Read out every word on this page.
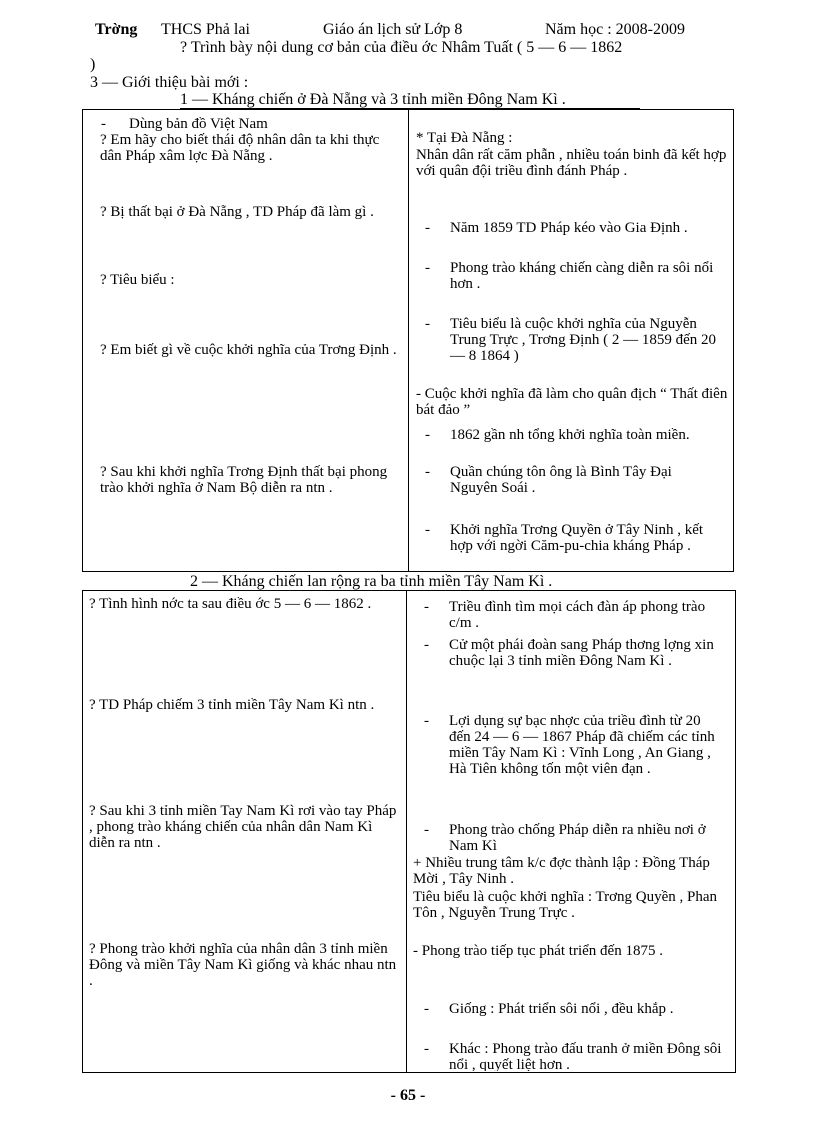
Trờng THCS Phả lai	Giáo án lịch sử Lớp 8	Năm học : 2008-2009
? Trình bày nội dung cơ bản của điều ớc Nhâm Tuất ( 5 — 6 — 1862
)
3 — Giới thiệu bài mới :
1 — Kháng chiến ở Đà Nẵng và 3 tỉnh miền Đông Nam Kì .
- Dùng bản đồ Việt Nam
? Em hãy cho biết thái độ nhân dân ta khi thực dân Pháp xâm lợc Đà Nẵng .
? Bị thất bại ở Đà Nẵng , TD Pháp đã làm gì .
? Tiêu biểu :
? Em biết gì về cuộc khởi nghĩa của Trơng Định .
? Sau khi khởi nghĩa Trơng Định thất bại phong trào khởi nghĩa ở Nam Bộ diễn ra ntn .
* Tại Đà Nẵng :
Nhân dân rất căm phẫn , nhiều toán binh đã kết hợp với quân đội triều đình đánh Pháp .
- Năm 1859 TD Pháp kéo vào Gia Định .
- Phong trào kháng chiến càng diễn ra sôi nổi hơn .
- Tiêu biểu là cuộc khởi nghĩa của Nguyễn Trung Trực , Trơng Định ( 2 — 1859 đến 20 — 8 1864 )
- Cuộc khởi nghĩa đã làm cho quân địch “ Thất điên bát đảo ”
- 1862 gần nh tổng khởi nghĩa toàn miền.
- Quần chúng tôn ông là Bình Tây Đại Nguyên Soái .
- Khởi nghĩa Trơng Quyền ở Tây Ninh , kết hợp với ngời Căm-pu-chia kháng Pháp .
2 — Kháng chiến lan rộng ra ba tỉnh miền Tây Nam Kì .
? Tình hình nớc ta sau điều ớc 5 — 6 — 1862 .
? TD Pháp chiếm 3 tỉnh miền Tây Nam Kì ntn .
? Sau khi 3 tỉnh miền Tay Nam Kì rơi vào tay Pháp , phong trào kháng chiến của nhân dân Nam Kì diễn ra ntn .
? Phong trào khởi nghĩa của nhân dân 3 tỉnh miền Đông và miền Tây Nam Kì giống và khác nhau ntn .
- Triều đình tìm mọi cách đàn áp phong trào c/m .
- Cử một phái đoàn sang Pháp thơng lợng xin chuộc lại 3 tỉnh miền Đông Nam Kì .
- Lợi dụng sự bạc nhợc của triều đình từ 20 đến 24 — 6 — 1867 Pháp đã chiếm các tỉnh miền Tây Nam Kì : Vĩnh Long , An Giang , Hà Tiên không tốn một viên đạn .
- Phong trào chống Pháp diễn ra nhiều nơi ở Nam Kì
+ Nhiều trung tâm k/c đợc thành lập : Đồng Tháp Mời , Tây Ninh .
Tiêu biểu là cuộc khởi nghĩa : Trơng Quyền , Phan Tôn , Nguyễn Trung Trực .
- Phong trào tiếp tục phát triển đến 1875 .
- Giống : Phát triển sôi nổi , đều khắp .
- Khác : Phong trào đấu tranh ở miền Đông sôi nổi , quyết liệt hơn .
- 65 -
